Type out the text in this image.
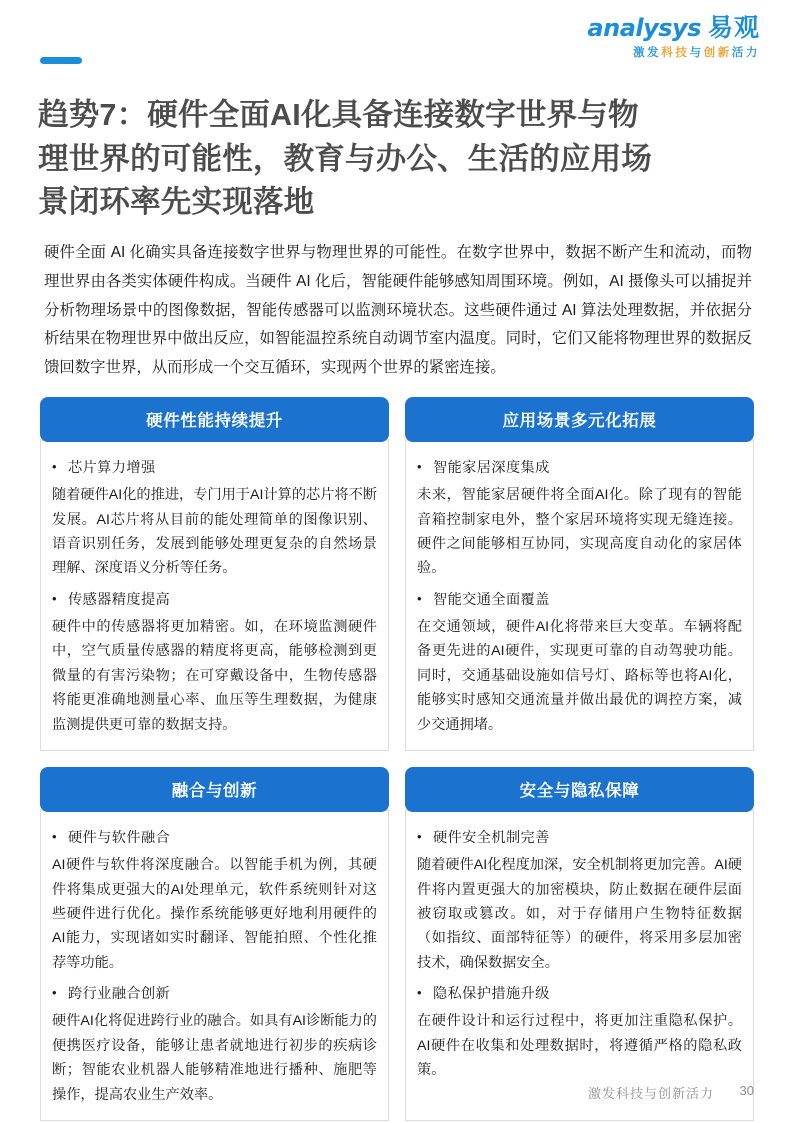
analysys 易观
激发科技与创新活力
趋势7：硬件全面AI化具备连接数字世界与物理世界的可能性，教育与办公、生活的应用场景闭环率先实现落地

硬件全面 AI 化确实具备连接数字世界与物理世界的可能性。在数字世界中，数据不断产生和流动，而物理世界由各类实体硬件构成。当硬件 AI 化后，智能硬件能够感知周围环境。例如，AI 摄像头可以捕捉并分析物理场景中的图像数据，智能传感器可以监测环境状态。这些硬件通过 AI 算法处理数据，并依据分析结果在物理世界中做出反应，如智能温控系统自动调节室内温度。同时，它们又能将物理世界的数据反馈回数字世界，从而形成一个交互循环，实现两个世界的紧密连接。

硬件性能持续提升
• 芯片算力增强

随着硬件AI化的推进，专门用于AI计算的芯片将不断发展。AI芯片将从目前的能处理简单的图像识别、语音识别任务，发展到能够处理更复杂的自然场景理解、深度语义分析等任务。

• 传感器精度提高

硬件中的传感器将更加精密。如，在环境监测硬件中，空气质量传感器的精度将更高，能够检测到更微量的有害污染物；在可穿戴设备中，生物传感器将能更准确地测量心率、血压等生理数据，为健康监测提供更可靠的数据支持。

应用场景多元化拓展
• 智能家居深度集成

未来，智能家居硬件将全面AI化。除了现有的智能音箱控制家电外，整个家居环境将实现无缝连接。硬件之间能够相互协同，实现高度自动化的家居体验。

• 智能交通全面覆盖

在交通领域，硬件AI化将带来巨大变革。车辆将配备更先进的AI硬件，实现更可靠的自动驾驶功能。同时，交通基础设施如信号灯、路标等也将AI化，能够实时感知交通流量并做出最优的调控方案，减少交通拥堵。

融合与创新
• 硬件与软件融合

AI硬件与软件将深度融合。以智能手机为例，其硬件将集成更强大的AI处理单元，软件系统则针对这些硬件进行优化。操作系统能够更好地利用硬件的AI能力，实现诸如实时翻译、智能拍照、个性化推荐等功能。

• 跨行业融合创新

硬件AI化将促进跨行业的融合。如具有AI诊断能力的便携医疗设备，能够让患者就地进行初步的疾病诊断；智能农业机器人能够精准地进行播种、施肥等操作，提高农业生产效率。

安全与隐私保障
• 硬件安全机制完善

随着硬件AI化程度加深，安全机制将更加完善。AI硬件将内置更强大的加密模块，防止数据在硬件层面被窃取或篡改。如，对于存储用户生物特征数据（如指纹、面部特征等）的硬件，将采用多层加密技术，确保数据安全。

• 隐私保护措施升级

在硬件设计和运行过程中，将更加注重隐私保护。AI硬件在收集和处理数据时，将遵循严格的隐私政策。

激发科技与创新活力 30
